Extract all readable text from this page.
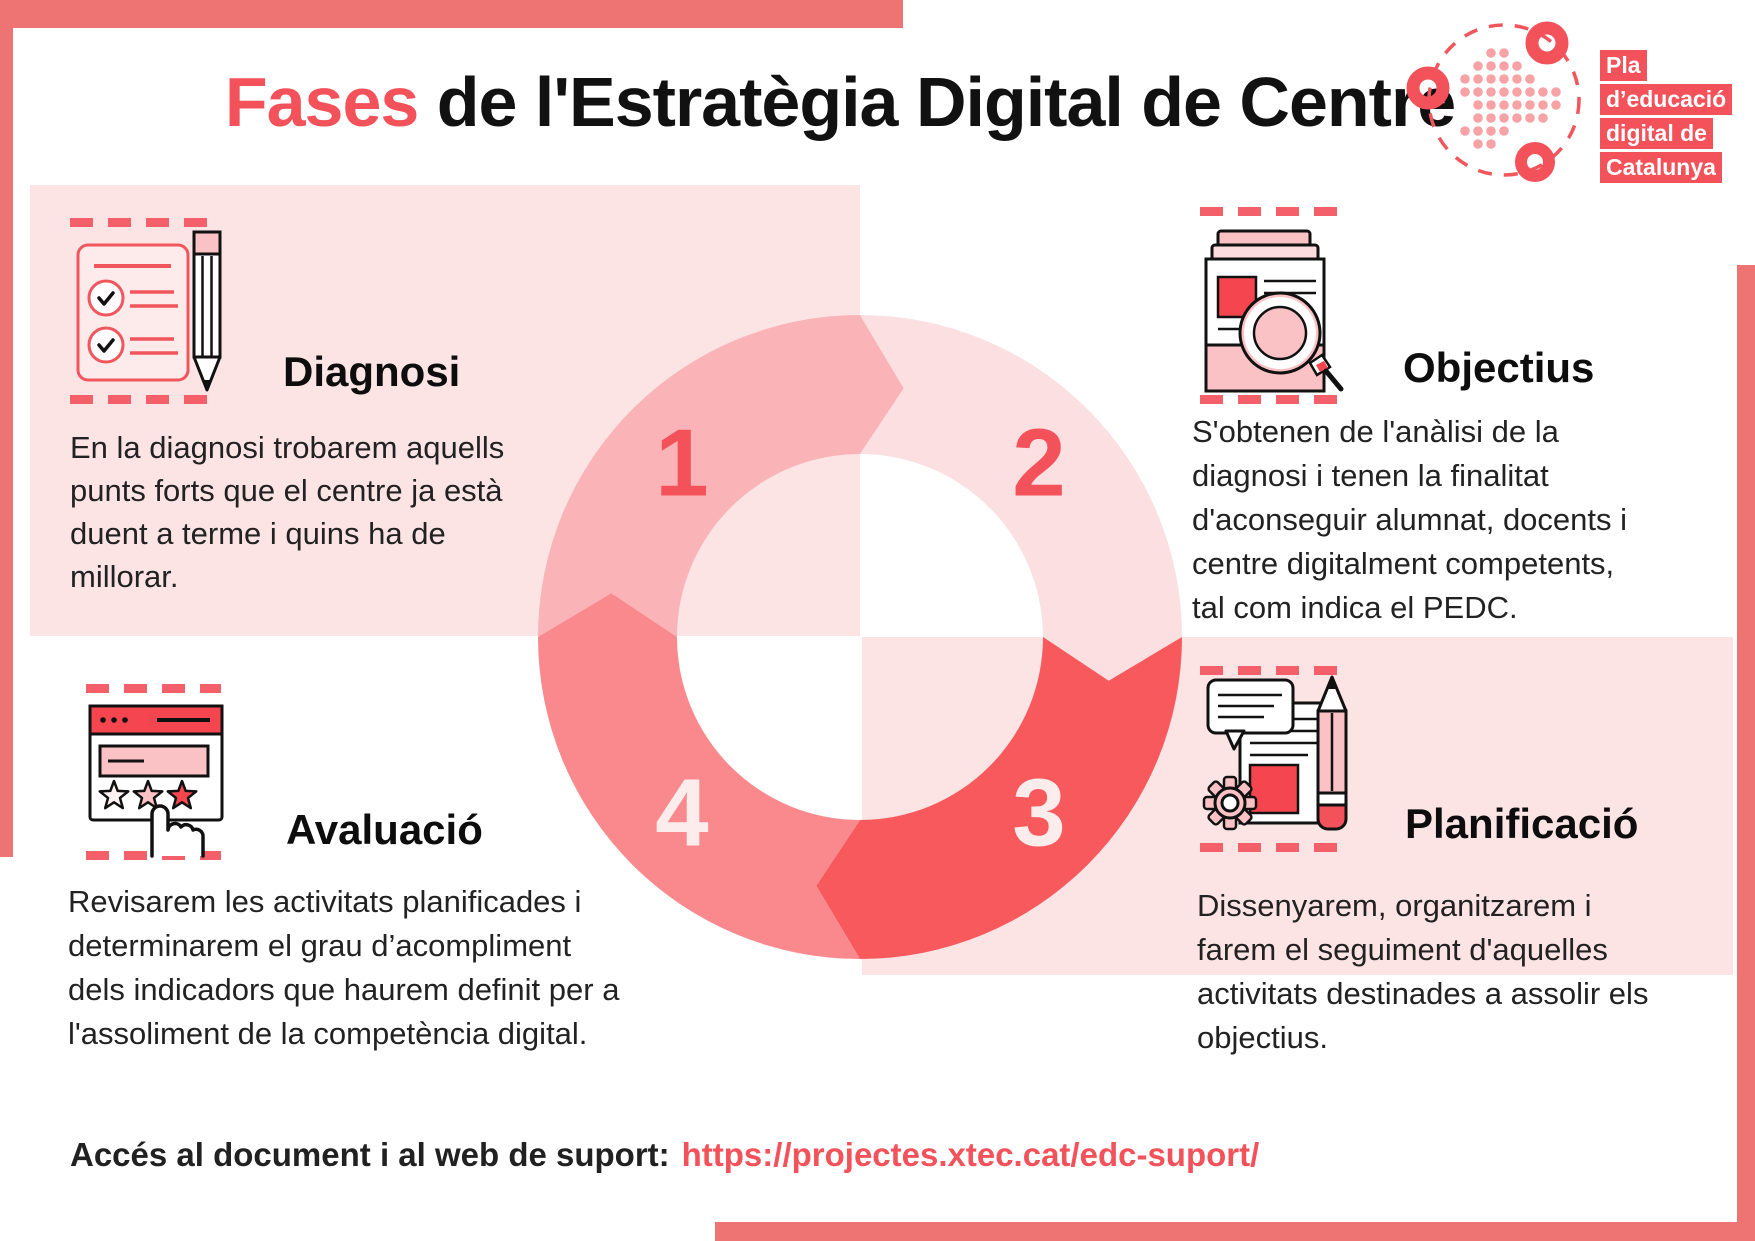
Fases de l'Estratègia Digital de Centre	Pla
d’educació
digital de
Catalunya
1	2
3
4
Diagnosi
En la diagnosi trobarem aquells punts forts que el centre ja està duent a terme i quins ha de millorar.
Objectius
S'obtenen de l'anàlisi de la diagnosi i tenen la finalitat d'aconseguir alumnat, docents i centre digitalment competents, tal com indica el PEDC.
Planificació
Dissenyarem, organitzarem i farem el seguiment d'aquelles activitats destinades a assolir els objectius.
Avaluació
Revisarem les activitats planificades i determinarem el grau d’acompliment dels indicadors que haurem definit per a l'assoliment de la competència digital.
Accés al document i al web de suport: https://projectes.xtec.cat/edc-suport/
